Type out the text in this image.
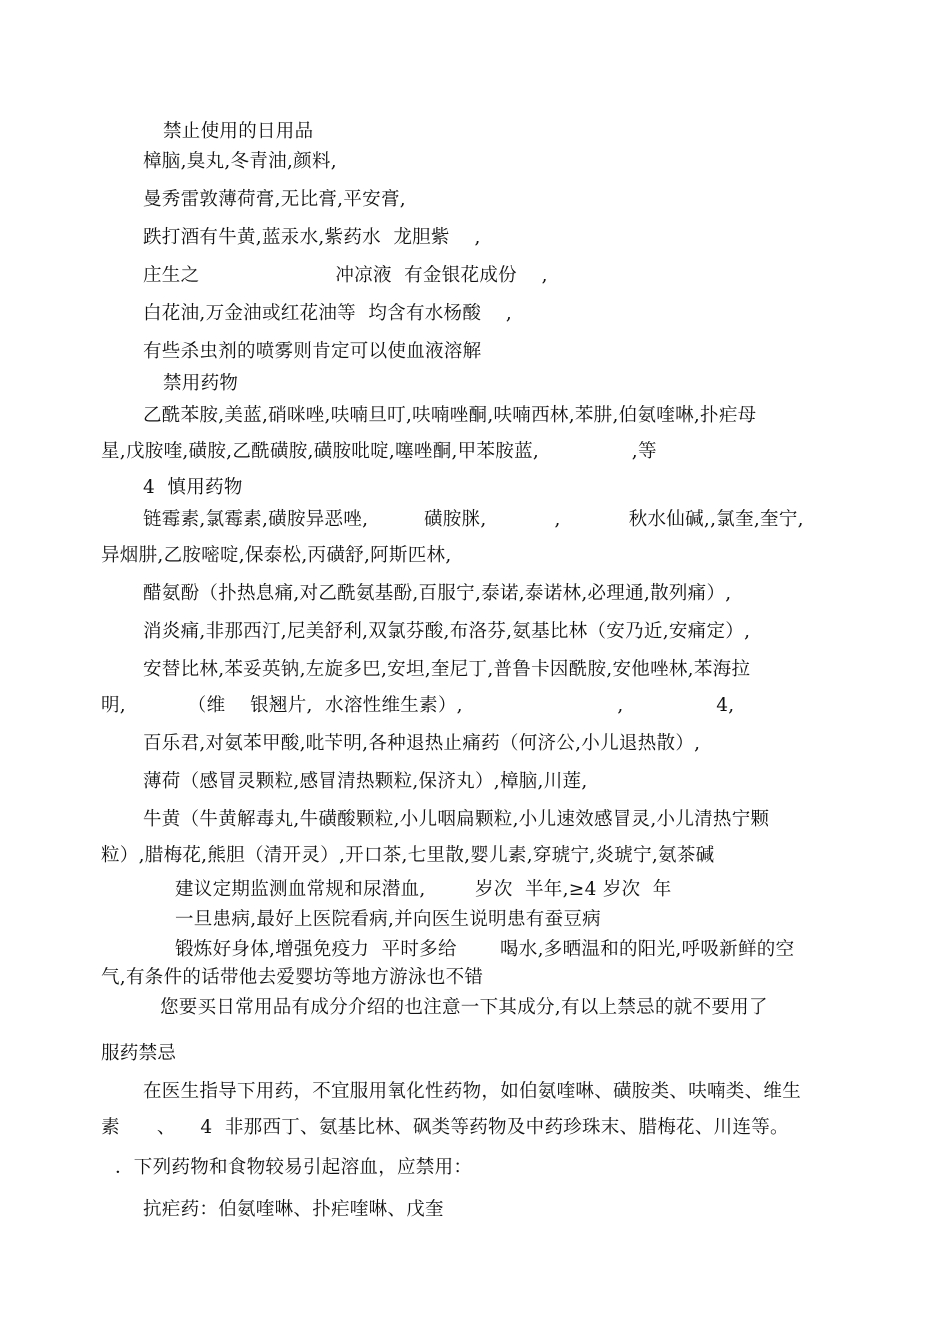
禁止使用的日用品
樟脑,臭丸,冬青油,颜料,
曼秀雷敦薄荷膏,无比膏,平安膏,
跌打酒有牛黄,蓝汞水,紫药水  龙胆紫    ,
庄生之                      冲凉液  有金银花成份    ,
白花油,万金油或红花油等  均含有水杨酸    ,
有些杀虫剂的喷雾则肯定可以使血液溶解
禁用药物
乙酰苯胺,美蓝,硝咪唑,呋喃旦叮,呋喃唑酮,呋喃西林,苯肼,伯氨喹啉,扑疟母
星,戊胺喹,磺胺,乙酰磺胺,磺胺吡啶,噻唑酮,甲苯胺蓝,               ,等
4  慎用药物
链霉素,氯霉素,磺胺异恶唑,         磺胺脒,           ,           秋水仙碱,,氯奎,奎宁,
异烟肼,乙胺嘧啶,保泰松,丙磺舒,阿斯匹林,
醋氨酚（扑热息痛,对乙酰氨基酚,百服宁,泰诺,泰诺林,必理通,散列痛）,
消炎痛,非那西汀,尼美舒利,双氯芬酸,布洛芬,氨基比林（安乃近,安痛定）,
安替比林,苯妥英钠,左旋多巴,安坦,奎尼丁,普鲁卡因酰胺,安他唑林,苯海拉
明,          （维    银翘片,  水溶性维生素）,                         ,               4,
百乐君,对氨苯甲酸,吡苄明,各种退热止痛药（何济公,小儿退热散）,
薄荷（感冒灵颗粒,感冒清热颗粒,保济丸）,樟脑,川莲,
牛黄（牛黄解毒丸,牛磺酸颗粒,小儿咽扁颗粒,小儿速效感冒灵,小儿清热宁颗
粒）,腊梅花,熊胆（清开灵）,开口茶,七里散,婴儿素,穿琥宁,炎琥宁,氨茶碱
建议定期监测血常规和尿潜血,        岁次  半年,≥4 岁次  年
一旦患病,最好上医院看病,并向医生说明患有蚕豆病
锻炼好身体,增强免疫力  平时多给       喝水,多晒温和的阳光,呼吸新鲜的空
气,有条件的话带他去爱婴坊等地方游泳也不错
您要买日常用品有成分介绍的也注意一下其成分,有以上禁忌的就不要用了
服药禁忌
在医生指导下用药，不宜服用氧化性药物，如伯氨喹啉、磺胺类、呋喃类、维生
素      、    4  非那西丁、氨基比林、砜类等药物及中药珍珠末、腊梅花、川连等。
．下列药物和食物较易引起溶血，应禁用：
抗疟药：伯氨喹啉、扑疟喹啉、戊奎
